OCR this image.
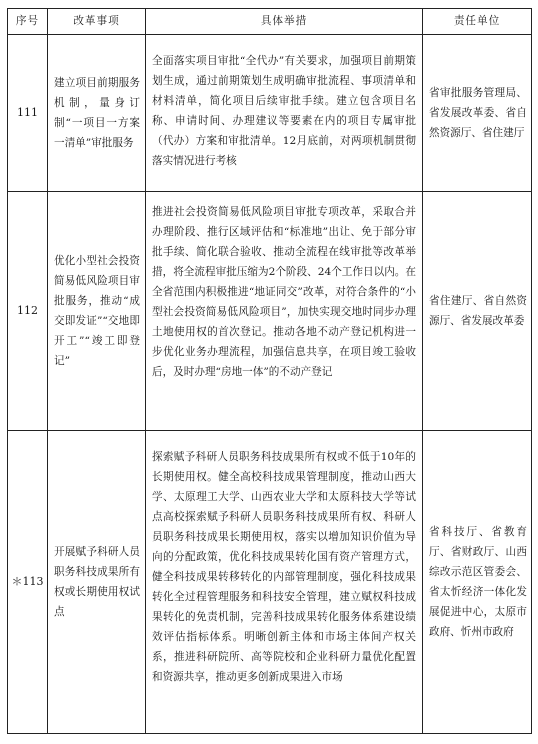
序号	改革事项	具体举措	责任单位
111	建立项目前期服务机制，量身订制“一项目一方案一清单”审批服务	全面落实项目审批“全代办”有关要求，加强项目前期策划生成，通过前期策划生成明确审批流程、事项清单和材料清单，简化项目后续审批手续。建立包含项目名称、申请时间、办理建议等要素在内的项目专属审批（代办）方案和审批清单。12月底前，对两项机制贯彻落实情况进行考核	省审批服务管理局、省发展改革委、省自然资源厅、省住建厅
112	优化小型社会投资简易低风险项目审批服务，推动“成交即发证”“交地即开工”“竣工即登记”	推进社会投资简易低风险项目审批专项改革，采取合并办理阶段、推行区域评估和“标准地”出让、免于部分审批手续、简化联合验收、推动全流程在线审批等改革举措，将全流程审批压缩为2个阶段、24个工作日以内。在全省范围内积极推进“地证同交”改革，对符合条件的“小型社会投资简易低风险项目”，加快实现交地时同步办理土地使用权的首次登记。推动各地不动产登记机构进一步优化业务办理流程，加强信息共享，在项目竣工验收后，及时办理“房地一体”的不动产登记	省住建厅、省自然资源厅、省发展改革委
＊113	开展赋予科研人员职务科技成果所有权或长期使用权试点	探索赋予科研人员职务科技成果所有权或不低于10年的长期使用权。健全高校科技成果管理制度，推动山西大学、太原理工大学、山西农业大学和太原科技大学等试点高校探索赋予科研人员职务科技成果所有权、科研人员职务科技成果长期使用权，落实以增加知识价值为导向的分配政策，优化科技成果转化国有资产管理方式，健全科技成果转移转化的内部管理制度，强化科技成果转化全过程管理服务和科技安全管理，建立赋权科技成果转化的免责机制，完善科技成果转化服务体系建设绩效评估指标体系。明晰创新主体和市场主体间产权关系，推进科研院所、高等院校和企业科研力量优化配置和资源共享，推动更多创新成果进入市场	省科技厅、省教育厅、省财政厅、山西综改示范区管委会、省太忻经济一体化发展促进中心，太原市政府、忻州市政府
